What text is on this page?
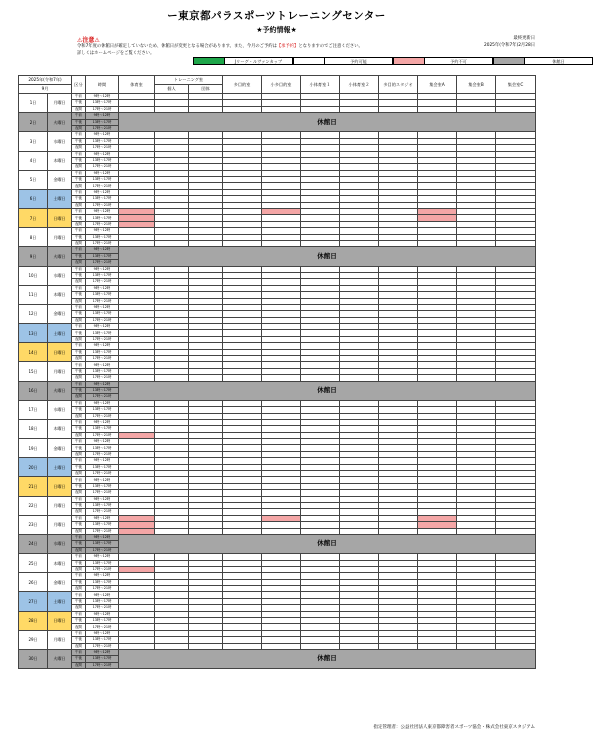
ー東京都パラスポーツトレーニングセンター
★予約情報★
⚠注意⚠
令和7年度の休館日が確定していないため、休館日が変更となる場合があります。また、今月のご予約は【承予約】となりますのでご注意ください。
詳しくはホームページをご覧ください。
最終更新日
2025年(令和7年)2月28日
Jリーグ・ルヴァンカップ	予約可能	予約不可	休館日
2025年(令和7年)		区分	時間	体育室	トレーニング室		多目的室	小多目的室	小体育室１	小体育室２	多目的スタジオ	集会室A	集会室B	集会室C
9月					個人	団体								
1日	月曜日	午前	9時～12時											
		午後	13時～17時											
		夜間	17時～21時											
2日	火曜日	午前	9時～12時	休館日										
		午後	13時～17時											
		夜間	17時～21時											
3日	水曜日	午前	9時～12時											
		午後	13時～17時											
		夜間	17時～21時											
4日	木曜日	午前	9時～12時											
		午後	13時～17時											
		夜間	17時～21時											
5日	金曜日	午前	9時～12時											
		午後	13時～17時											
		夜間	17時～21時											
6日	土曜日	午前	9時～12時											
		午後	13時～17時											
		夜間	17時～21時											
7日	日曜日	午前	9時～12時											
		午後	13時～17時											
		夜間	17時～21時											
8日	月曜日	午前	9時～12時											
		午後	13時～17時											
		夜間	17時～21時											
9日	火曜日	午前	9時～12時	休館日										
		午後	13時～17時											
		夜間	17時～21時											
10日	水曜日	午前	9時～12時											
		午後	13時～17時											
		夜間	17時～21時											
11日	木曜日	午前	9時～12時											
		午後	13時～17時											
		夜間	17時～21時											
12日	金曜日	午前	9時～12時											
		午後	13時～17時											
		夜間	17時～21時											
13日	土曜日	午前	9時～12時											
		午後	13時～17時											
		夜間	17時～21時											
14日	日曜日	午前	9時～12時											
		午後	13時～17時											
		夜間	17時～21時											
15日	月曜日	午前	9時～12時											
		午後	13時～17時											
		夜間	17時～21時											
16日	火曜日	午前	9時～12時	休館日										
		午後	13時～17時											
		夜間	17時～21時											
17日	水曜日	午前	9時～12時											
		午後	13時～17時											
		夜間	17時～21時											
18日	木曜日	午前	9時～12時											
		午後	13時～17時											
		夜間	17時～21時											
19日	金曜日	午前	9時～12時											
		午後	13時～17時											
		夜間	17時～21時											
20日	土曜日	午前	9時～12時											
		午後	13時～17時											
		夜間	17時～21時											
21日	日曜日	午前	9時～12時											
		午後	13時～17時											
		夜間	17時～21時											
22日	月曜日	午前	9時～12時											
		午後	13時～17時											
		夜間	17時～21時											
23日	月曜日	午前	9時～12時											
		午後	13時～17時											
		夜間	17時～21時											
24日	水曜日	午前	9時～12時	休館日										
		午後	13時～17時											
		夜間	17時～21時											
25日	木曜日	午前	9時～12時											
		午後	13時～17時											
		夜間	17時～21時											
26日	金曜日	午前	9時～12時											
		午後	13時～17時											
		夜間	17時～21時											
27日	土曜日	午前	9時～12時											
		午後	13時～17時											
		夜間	17時～21時											
28日	日曜日	午前	9時～12時											
		午後	13時～17時											
		夜間	17時～21時											
29日	月曜日	午前	9時～12時											
		午後	13時～17時											
		夜間	17時～21時											
30日	火曜日	午前	9時～12時	休館日										
		午後	13時～17時											
		夜間	17時～21時											
指定管理者：公益社団法人東京都障害者スポーツ協会・株式会社東京スタジアム
